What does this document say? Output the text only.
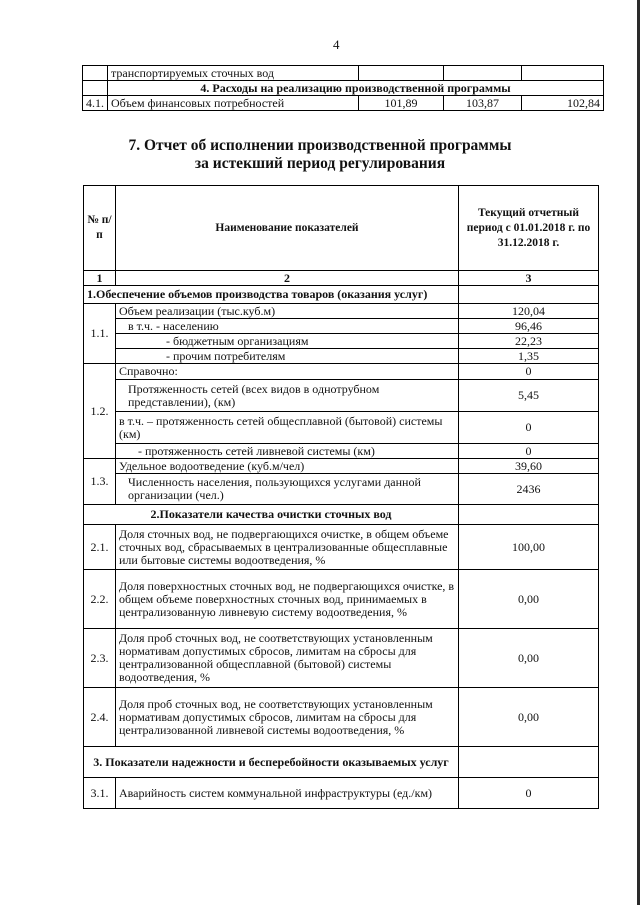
4
	транспортируемых сточных вод			
	4. Расходы на реализацию производственной программы			
4.1.	Объем финансовых потребностей	101,89	103,87	102,84
7. Отчет об исполнении производственной программы
за истекший период регулирования
№ п/п	Наименование показателей	Текущий отчетный период с 01.01.2018 г. по 31.12.2018 г.
1	2	3
1.Обеспечение объемов производства товаров (оказания услуг)		
1.1.	Объем реализации (тыс.куб.м)	120,04
	в т.ч. - населению	96,46
	- бюджетным организациям	22,23
	- прочим потребителям	1,35
1.2.	Справочно:	0
	Протяженность сетей (всех видов в однотрубном представлении), (км)	5,45
	в т.ч. – протяженность сетей общесплавной (бытовой) системы (км)	0
	- протяженность сетей ливневой системы (км)	0
1.3.	Удельное водоотведение (куб.м/чел)	39,60
	Численность населения, пользующихся услугами данной организации (чел.)	2436
2.Показатели качества очистки сточных вод		
2.1.	Доля сточных вод, не подвергающихся очистке, в общем объеме сточных вод, сбрасываемых в централизованные общесплавные или бытовые системы водоотведения, %	100,00
2.2.	Доля поверхностных сточных вод, не подвергающихся очистке, в общем объеме поверхностных сточных вод, принимаемых в централизованную ливневую систему водоотведения, %	0,00
2.3.	Доля проб сточных вод, не соответствующих установленным нормативам допустимых сбросов, лимитам на сбросы для централизованной общесплавной (бытовой) системы водоотведения, %	0,00
2.4.	Доля проб сточных вод, не соответствующих установленным нормативам допустимых сбросов, лимитам на сбросы для централизованной ливневой системы водоотведения, %	0,00
3. Показатели надежности и бесперебойности оказываемых услуг		
3.1.	Аварийность систем коммунальной инфраструктуры (ед./км)	0
